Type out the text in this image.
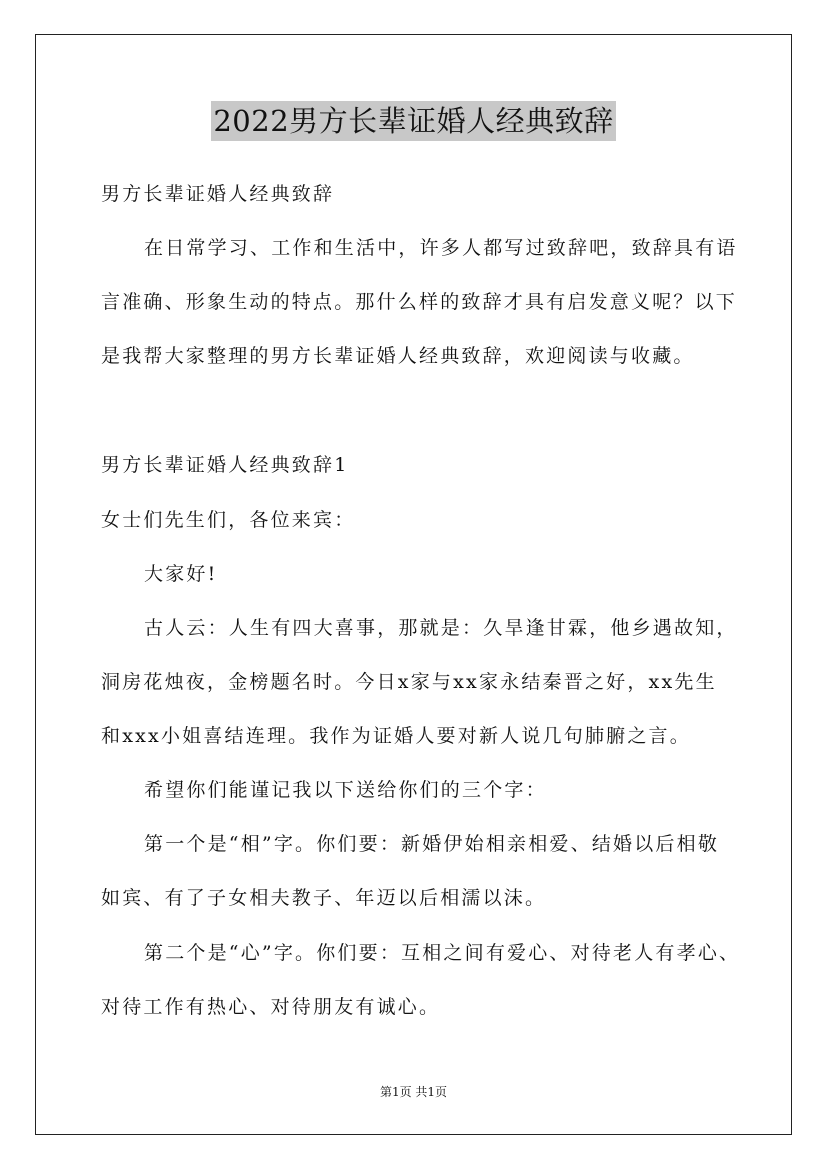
2022男方长辈证婚人经典致辞
男方长辈证婚人经典致辞
在日常学习、工作和生活中，许多人都写过致辞吧，致辞具有语
言准确、形象生动的特点。那什么样的致辞才具有启发意义呢？以下
是我帮大家整理的男方长辈证婚人经典致辞，欢迎阅读与收藏。
男方长辈证婚人经典致辞1
女士们先生们，各位来宾：
大家好!
古人云：人生有四大喜事，那就是：久旱逢甘霖，他乡遇故知，
洞房花烛夜，金榜题名时。今日x家与xx家永结秦晋之好，xx先生
和xxx小姐喜结连理。我作为证婚人要对新人说几句肺腑之言。
希望你们能谨记我以下送给你们的三个字：
第一个是“相”字。你们要：新婚伊始相亲相爱、结婚以后相敬
如宾、有了子女相夫教子、年迈以后相濡以沫。
第二个是“心”字。你们要：互相之间有爱心、对待老人有孝心、
对待工作有热心、对待朋友有诚心。
第1页 共1页
